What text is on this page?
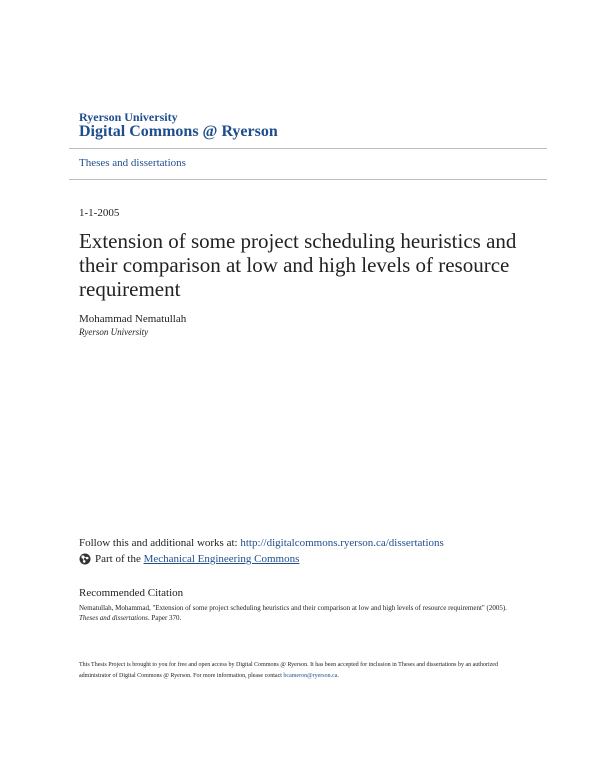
Ryerson University
Digital Commons @ Ryerson
Theses and dissertations
1-1-2005
Extension of some project scheduling heuristics and their comparison at low and high levels of resource requirement
Mohammad Nematullah
Ryerson University
Follow this and additional works at: http://digitalcommons.ryerson.ca/dissertations
Part of the
Mechanical Engineering Commons
Recommended Citation
Nematullah, Mohammad, "Extension of some project scheduling heuristics and their comparison at low and high levels of resource requirement" (2005). Theses and dissertations. Paper 370.
This Thesis Project is brought to you for free and open access by Digital Commons @ Ryerson. It has been accepted for inclusion in Theses and dissertations by an authorized administrator of Digital Commons @ Ryerson. For more information, please contact bcameron@ryerson.ca.
